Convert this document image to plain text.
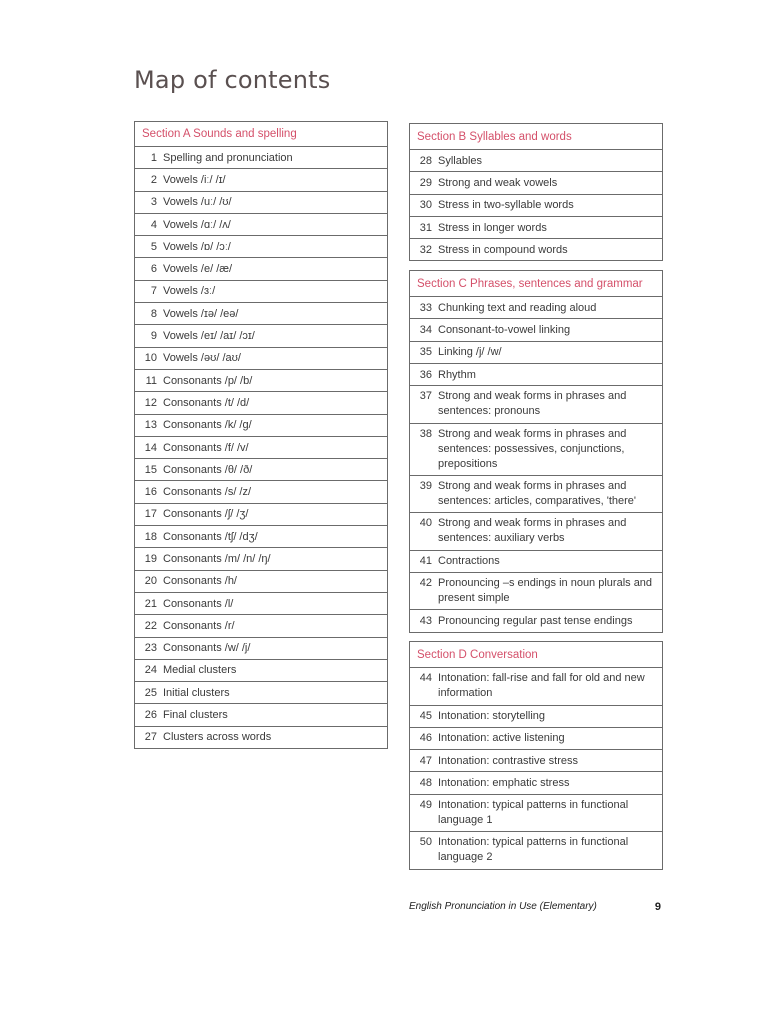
Map of contents
Section A Sounds and spelling
1 Spelling and pronunciation
2 Vowels /iː/ /ɪ/
3 Vowels /uː/ /ʊ/
4 Vowels /ɑː/ /ʌ/
5 Vowels /ɒ/ /ɔː/
6 Vowels /e/ /æ/
7 Vowels /ɜː/
8 Vowels /ɪə/ /eə/
9 Vowels /eɪ/ /aɪ/ /ɔɪ/
10 Vowels /əʊ/ /aʊ/
11 Consonants /p/ /b/
12 Consonants /t/ /d/
13 Consonants /k/ /g/
14 Consonants /f/ /v/
15 Consonants /θ/ /ð/
16 Consonants /s/ /z/
17 Consonants /ʃ/ /ʒ/
18 Consonants /tʃ/ /dʒ/
19 Consonants /m/ /n/ /ŋ/
20 Consonants /h/
21 Consonants /l/
22 Consonants /r/
23 Consonants /w/ /j/
24 Medial clusters
25 Initial clusters
26 Final clusters
27 Clusters across words
Section B Syllables and words
28 Syllables
29 Strong and weak vowels
30 Stress in two-syllable words
31 Stress in longer words
32 Stress in compound words
Section C Phrases, sentences and grammar
33 Chunking text and reading aloud
34 Consonant-to-vowel linking
35 Linking /j/ /w/
36 Rhythm
37 Strong and weak forms in phrases and sentences: pronouns
38 Strong and weak forms in phrases and sentences: possessives, conjunctions, prepositions
39 Strong and weak forms in phrases and sentences: articles, comparatives, 'there'
40 Strong and weak forms in phrases and sentences: auxiliary verbs
41 Contractions
42 Pronouncing –s endings in noun plurals and present simple
43 Pronouncing regular past tense endings
Section D Conversation
44 Intonation: fall-rise and fall for old and new information
45 Intonation: storytelling
46 Intonation: active listening
47 Intonation: contrastive stress
48 Intonation: emphatic stress
49 Intonation: typical patterns in functional language 1
50 Intonation: typical patterns in functional language 2
English Pronunciation in Use (Elementary)	9
